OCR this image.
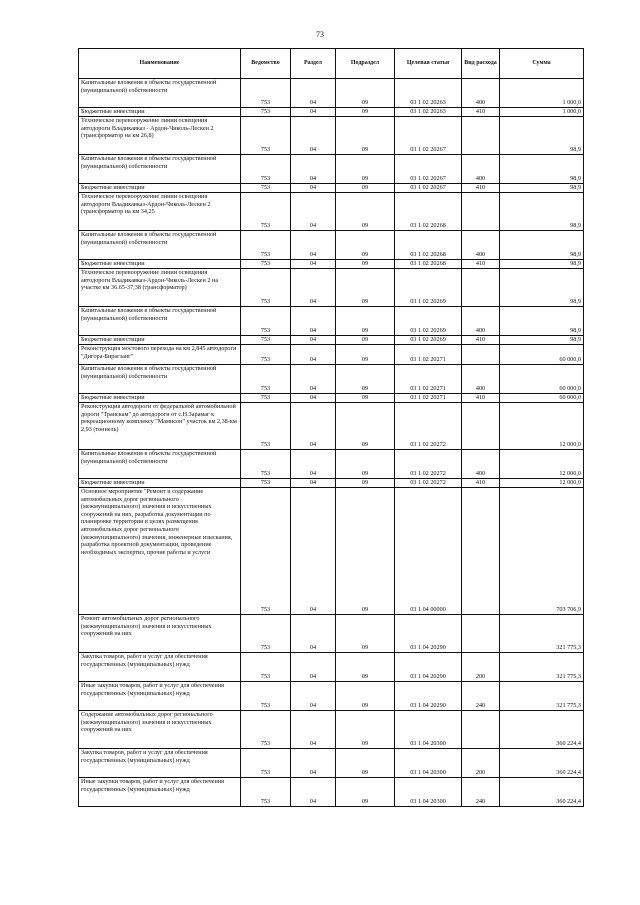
73
Наименование	Ведомство	Раздел	Подраздел	Целевая статья	Вид расхода	Сумма
Капитальные вложения в объекты государственной (муниципальной) собственности	753	04	09	03 1 02 20263	400	1 000,0
Бюджетные инвестиции	753	04	09	03 1 02 20263	410	1 000,0
Техническое перевооружение линии освещения автодороги Владикавказ - Ардон-Чиколь-Лескен 2 (трансформатор на км 26,8)	753	04	09	03 1 02 20267		98,9
Капитальные вложения в объекты государственной (муниципальной) собственности	753	04	09	03 1 02 20267	400	98,9
Бюджетные инвестиции	753	04	09	03 1 02 20267	410	98,9
Техническое перевооружение линии освещения автодороги Владикавказ-Ардон-Чиколь-Лескен 2 (трансформатор на км 34,25	753	04	09	03 1 02 20268		98,9
Капитальные вложения в объекты государственной (муниципальной) собственности	753	04	09	03 1 02 20268	400	98,9
Бюджетные инвестиции	753	04	09	03 1 02 20268	410	98,9
Техническое перевооружение линии освещения автодороги Владикавказ-Ардон-Чиколь-Лескен 2 на участке км 36.65-37,38 (трансформатор)	753	04	09	03 1 02 20269		98,9
Капитальные вложения в объекты государственной (муниципальной) собственности	753	04	09	03 1 02 20269	400	98,9
Бюджетные инвестиции	753	04	09	03 1 02 20269	410	98,9
Реконструкция мостового перехода на км 2,845 автодороги "Дигора-Бирагзанг"	753	04	09	03 1 02 20271		60 000,0
Капитальные вложения в объекты государственной (муниципальной) собственности	753	04	09	03 1 02 20271	400	60 000,0
Бюджетные инвестиции	753	04	09	03 1 02 20271	410	60 000,0
Реконструкция автодороги от федеральной автомобильной дороги "Транскам" до автодороги от с.Н.Зарамаг к рекреационному комплексу "Мамисон" участок км 2,38-км 2,93 (тоннель)	753	04	09	03 1 02 20272		12 000,0
Капитальные вложения в объекты государственной (муниципальной) собственности	753	04	09	03 1 02 20272	400	12 000,0
Бюджетные инвестиции	753	04	09	03 1 02 20272	410	12 000,0
Основное мероприятие "Ремонт и содержание автомобильных дорог регионального (межмуниципального) значения и искусственных сооружений на них, разработка документации по планировке территории в целях размещения автомобильных дорог регионального (межмуниципального) значения, инженерные изыскания, разработка проектной документации, проведение необходимых экспертиз, прочие работы и услуги	753	04	09	03 1 04 00000		703 706,9
Ремонт автомобильных дорог регионального (межмуниципального) значения и искусственных сооружений на них	753	04	09	03 1 04 20290		321 775,3
Закупка товаров, работ и услуг для обеспечения государственных (муниципальных) нужд	753	04	09	03 1 04 20290	200	321 775,3
Иные закупки товаров, работ и услуг для обеспечения государственных (муниципальных) нужд	753	04	09	03 1 04 20290	240	321 775,3
Содержание автомобильных дорог регионального (межмуниципального) значения и искусственных сооружений на них	753	04	09	03 1 04 20300		360 224,4
Закупка товаров, работ и услуг для обеспечения государственных (муниципальных) нужд	753	04	09	03 1 04 20300	200	360 224,4
Иные закупки товаров, работ и услуг для обеспечения государственных (муниципальных) нужд	753	04	09	03 1 04 20300	240	360 224,4
